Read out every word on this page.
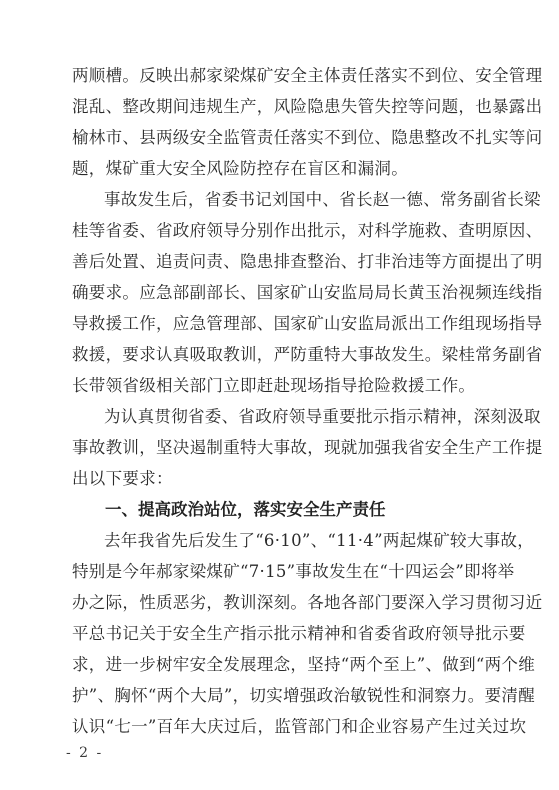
两顺槽。反映出郝家梁煤矿安全主体责任落实不到位、安全管理
混乱、整改期间违规生产，风险隐患失管失控等问题，也暴露出
榆林市、县两级安全监管责任落实不到位、隐患整改不扎实等问
题，煤矿重大安全风险防控存在盲区和漏洞。
事故发生后，省委书记刘国中、省长赵一德、常务副省长梁
桂等省委、省政府领导分别作出批示，对科学施救、查明原因、
善后处置、追责问责、隐患排查整治、打非治违等方面提出了明
确要求。应急部副部长、国家矿山安监局局长黄玉治视频连线指
导救援工作，应急管理部、国家矿山安监局派出工作组现场指导
救援，要求认真吸取教训，严防重特大事故发生。梁桂常务副省
长带领省级相关部门立即赶赴现场指导抢险救援工作。
为认真贯彻省委、省政府领导重要批示指示精神，深刻汲取
事故教训，坚决遏制重特大事故，现就加强我省安全生产工作提
出以下要求：
一、提高政治站位，落实安全生产责任
去年我省先后发生了“6·10”、“11·4”两起煤矿较大事故，
特别是今年郝家梁煤矿“7·15”事故发生在“十四运会”即将举
办之际，性质恶劣，教训深刻。各地各部门要深入学习贯彻习近
平总书记关于安全生产指示批示精神和省委省政府领导批示要
求，进一步树牢安全发展理念，坚持“两个至上”、做到“两个维
护”、胸怀“两个大局”，切实增强政治敏锐性和洞察力。要清醒
认识“七一”百年大庆过后，监管部门和企业容易产生过关过坎
- 2 -
